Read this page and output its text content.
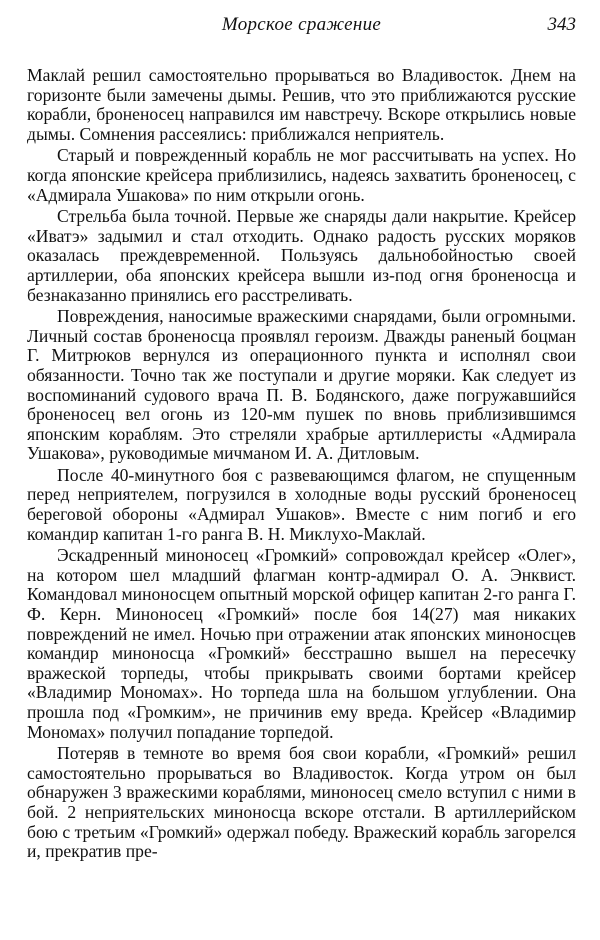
Морское сражение	343

Маклай решил самостоятельно прорываться во Владивосток. Днем на горизонте были замечены дымы. Решив, что это приближаются русские корабли, броненосец направился им навстречу. Вскоре открылись новые дымы. Сомнения рассеялись: приближался неприятель.

Старый и поврежденный корабль не мог рассчитывать на успех. Но когда японские крейсера приблизились, надеясь захватить броненосец, с «Адмирала Ушакова» по ним открыли огонь.

Стрельба была точной. Первые же снаряды дали накрытие. Крейсер «Иватэ» задымил и стал отходить. Однако радость русских моряков оказалась преждевременной. Пользуясь дальнобойностью своей артиллерии, оба японских крейсера вышли из-под огня броненосца и безнаказанно принялись его расстреливать.

Повреждения, наносимые вражескими снарядами, были огромными. Личный состав броненосца проявлял героизм. Дважды раненый боцман Г. Митрюков вернулся из операционного пункта и исполнял свои обязанности. Точно так же поступали и другие моряки. Как следует из воспоминаний судового врача П. В. Бодянского, даже погружавшийся броненосец вел огонь из 120-мм пушек по вновь приблизившимся японским кораблям. Это стреляли храбрые артиллеристы «Адмирала Ушакова», руководимые мичманом И. А. Дитловым.

После 40-минутного боя с развевающимся флагом, не спущенным перед неприятелем, погрузился в холодные воды русский броненосец береговой обороны «Адмирал Ушаков». Вместе с ним погиб и его командир капитан 1-го ранга В. Н. Миклухо-Маклай.

Эскадренный миноносец «Громкий» сопровождал крейсер «Олег», на котором шел младший флагман контр-адмирал О. А. Энквист. Командовал миноносцем опытный морской офицер капитан 2-го ранга Г. Ф. Керн. Миноносец «Громкий» после боя 14(27) мая никаких повреждений не имел. Ночью при отражении атак японских миноносцев командир миноносца «Громкий» бесстрашно вышел на пересечку вражеской торпеды, чтобы прикрывать своими бортами крейсер «Владимир Мономах». Но торпеда шла на большом углублении. Она прошла под «Громким», не причинив ему вреда. Крейсер «Владимир Мономах» получил попадание торпедой.

Потеряв в темноте во время боя свои корабли, «Громкий» решил самостоятельно прорываться во Владивосток. Когда утром он был обнаружен 3 вражескими кораблями, миноносец смело вступил с ними в бой. 2 неприятельских миноносца вскоре отстали. В артиллерийском бою с третьим «Громкий» одержал победу. Вражеский корабль загорелся и, прекратив пре-
